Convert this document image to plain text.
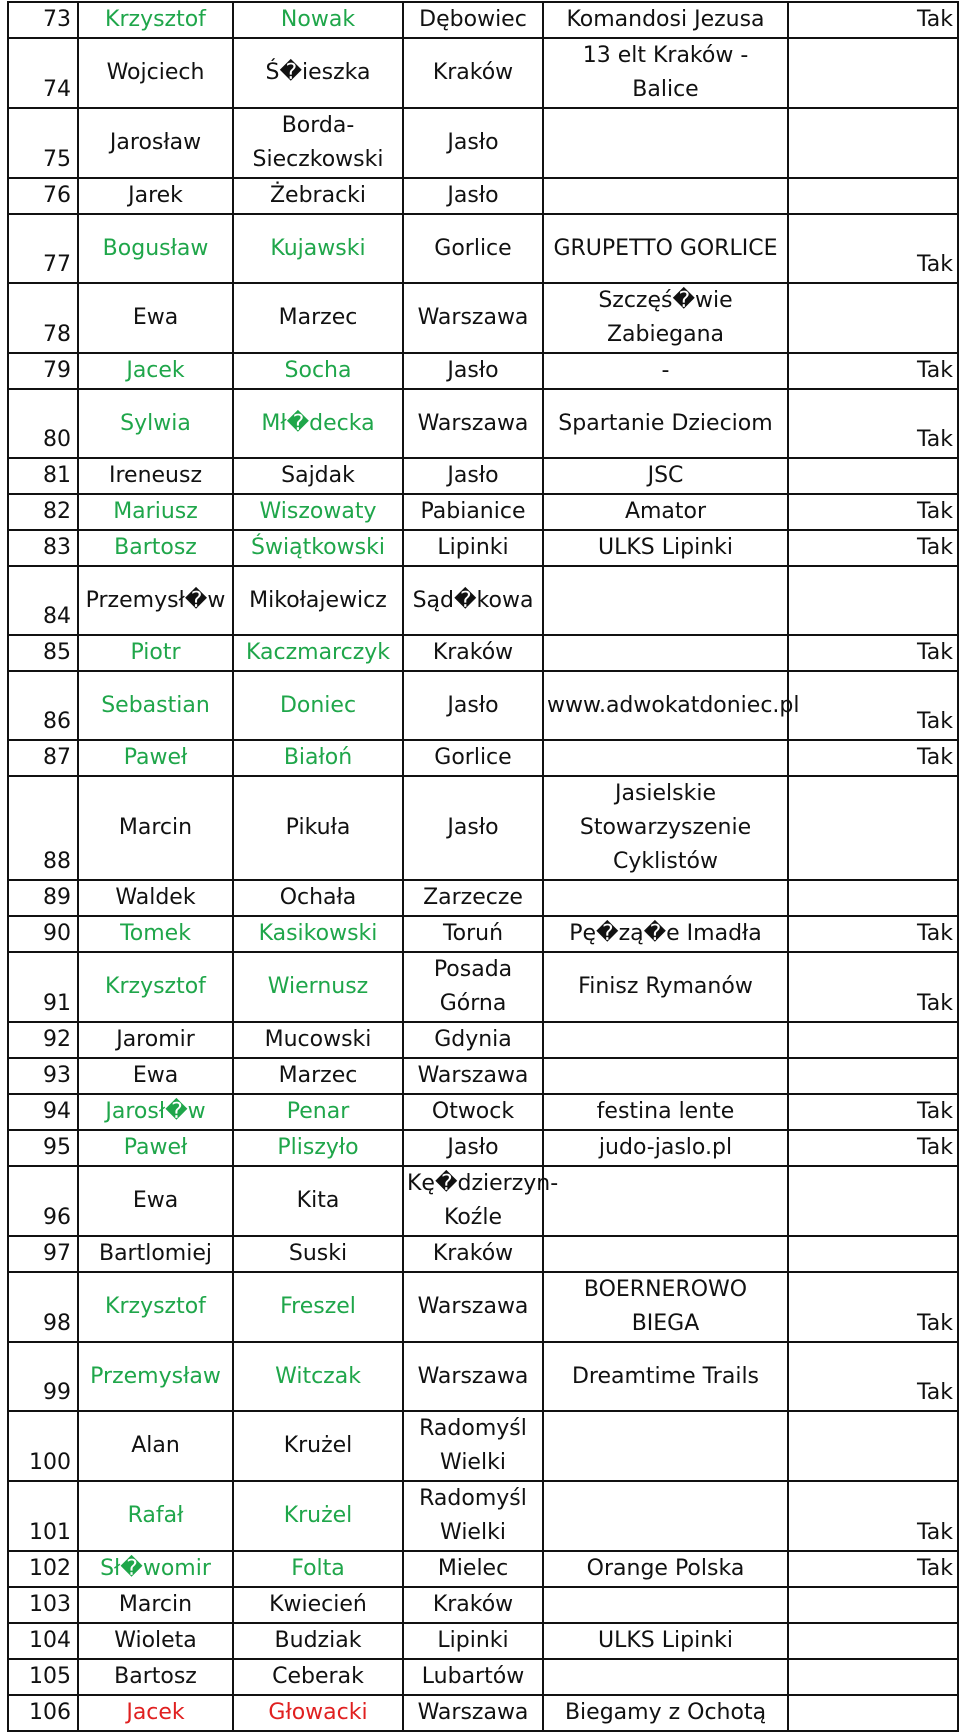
73	Krzysztof	Nowak	Dębowiec	Komandosi Jezusa	Tak
74	Wojciech	Ś�ieszka	Kraków	13 elt Kraków - Balice	
75	Jarosław	Borda-Sieczkowski	Jasło		
76	Jarek	Żebracki	Jasło		
77	Bogusław	Kujawski	Gorlice	GRUPETTO GORLICE	Tak
78	Ewa	Marzec	Warszawa	Szczęś�wie Zabiegana	
79	Jacek	Socha	Jasło	-	Tak
80	Sylwia	Mł�decka	Warszawa	Spartanie Dzieciom	Tak
81	Ireneusz	Sajdak	Jasło	JSC	
82	Mariusz	Wiszowaty	Pabianice	Amator	Tak
83	Bartosz	Świątkowski	Lipinki	ULKS Lipinki	Tak
84	Przemysł�w	Mikołajewicz	Sąd�kowa		
85	Piotr	Kaczmarczyk	Kraków		Tak
86	Sebastian	Doniec	Jasło	www.adwokatdoniec.pl	Tak
87	Paweł	Białoń	Gorlice		Tak
88	Marcin	Pikuła	Jasło	Jasielskie Stowarzyszenie Cyklistów	
89	Waldek	Ochała	Zarzecze		
90	Tomek	Kasikowski	Toruń	Pę�zą�e Imadła	Tak
91	Krzysztof	Wiernusz	Posada Górna	Finisz Rymanów	Tak
92	Jaromir	Mucowski	Gdynia		
93	Ewa	Marzec	Warszawa		
94	Jarosł�w	Penar	Otwock	festina lente	Tak
95	Paweł	Pliszyło	Jasło	judo-jaslo.pl	Tak
96	Ewa	Kita	Kę�dzierzyn-Koźle		
97	Bartlomiej	Suski	Kraków		
98	Krzysztof	Freszel	Warszawa	BOERNEROWO BIEGA	Tak
99	Przemysław	Witczak	Warszawa	Dreamtime Trails	Tak
100	Alan	Krużel	Radomyśl Wielki		
101	Rafał	Krużel	Radomyśl Wielki		Tak
102	Sł�womir	Folta	Mielec	Orange Polska	Tak
103	Marcin	Kwiecień	Kraków		
104	Wioleta	Budziak	Lipinki	ULKS Lipinki	
105	Bartosz	Ceberak	Lubartów		
106	Jacek	Głowacki	Warszawa	Biegamy z Ochotą	
